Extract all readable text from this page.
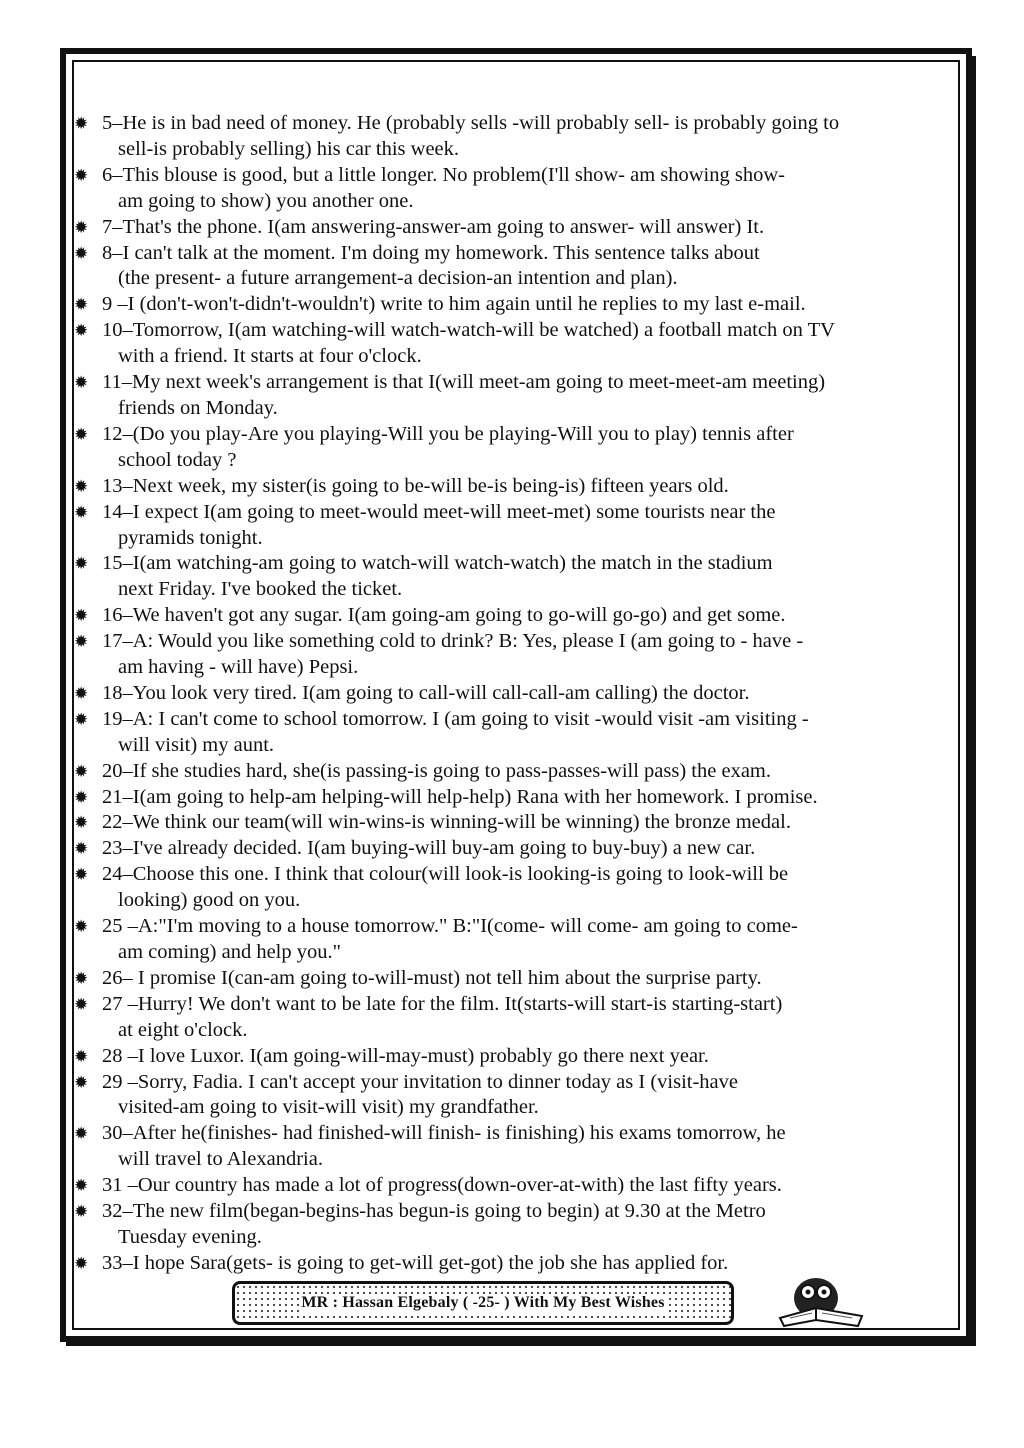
✹ 5–He is in bad need of money. He (probably sells -will probably sell- is probably going to
sell-is probably selling) his car this week.
✹ 6–This blouse is good, but a little longer. No problem(I'll show- am showing show-
am going to show) you another one.
✹ 7–That's the phone. I(am answering-answer-am going to answer- will answer) It.
✹ 8–I can't talk at the moment. I'm doing my homework. This sentence talks about
(the present- a future arrangement-a decision-an intention and plan).
✹ 9 –I (don't-won't-didn't-wouldn't) write to him again until he replies to my last e-mail.
✹ 10–Tomorrow, I(am watching-will watch-watch-will be watched) a football match on TV
with a friend. It starts at four o'clock.
✹ 11–My next week's arrangement is that I(will meet-am going to meet-meet-am meeting)
friends on Monday.
✹ 12–(Do you play-Are you playing-Will you be playing-Will you to play) tennis after
school today ?
✹ 13–Next week, my sister(is going to be-will be-is being-is) fifteen years old.
✹ 14–I expect I(am going to meet-would meet-will meet-met) some tourists near the
pyramids tonight.
✹ 15–I(am watching-am going to watch-will watch-watch) the match in the stadium
next Friday. I've booked the ticket.
✹ 16–We haven't got any sugar. I(am going-am going to go-will go-go) and get some.
✹ 17–A: Would you like something cold to drink? B: Yes, please I (am going to - have -
am having - will have) Pepsi.
✹ 18–You look very tired. I(am going to call-will call-call-am calling) the doctor.
✹ 19–A: I can't come to school tomorrow. I (am going to visit -would visit -am visiting -
will visit) my aunt.
✹ 20–If she studies hard, she(is passing-is going to pass-passes-will pass) the exam.
✹ 21–I(am going to help-am helping-will help-help) Rana with her homework. I promise.
✹ 22–We think our team(will win-wins-is winning-will be winning) the bronze medal.
✹ 23–I've already decided. I(am buying-will buy-am going to buy-buy) a new car.
✹ 24–Choose this one. I think that colour(will look-is looking-is going to look-will be
looking) good on you.
✹ 25 –A:"I'm moving to a house tomorrow." B:"I(come- will come- am going to come-
am coming) and help you."
✹ 26– I promise I(can-am going to-will-must) not tell him about the surprise party.
✹ 27 –Hurry! We don't want to be late for the film. It(starts-will start-is starting-start)
at eight o'clock.
✹ 28 –I love Luxor. I(am going-will-may-must) probably go there next year.
✹ 29 –Sorry, Fadia. I can't accept your invitation to dinner today as I (visit-have
visited-am going to visit-will visit) my grandfather.
✹ 30–After he(finishes- had finished-will finish- is finishing) his exams tomorrow, he
will travel to Alexandria.
✹ 31 –Our country has made a lot of progress(down-over-at-with) the last fifty years.
✹ 32–The new film(began-begins-has begun-is going to begin) at 9.30 at the Metro
Tuesday evening.
✹ 33–I hope Sara(gets- is going to get-will get-got) the job she has applied for.
MR : Hassan Elgebaly ( -25- ) With My Best Wishes
